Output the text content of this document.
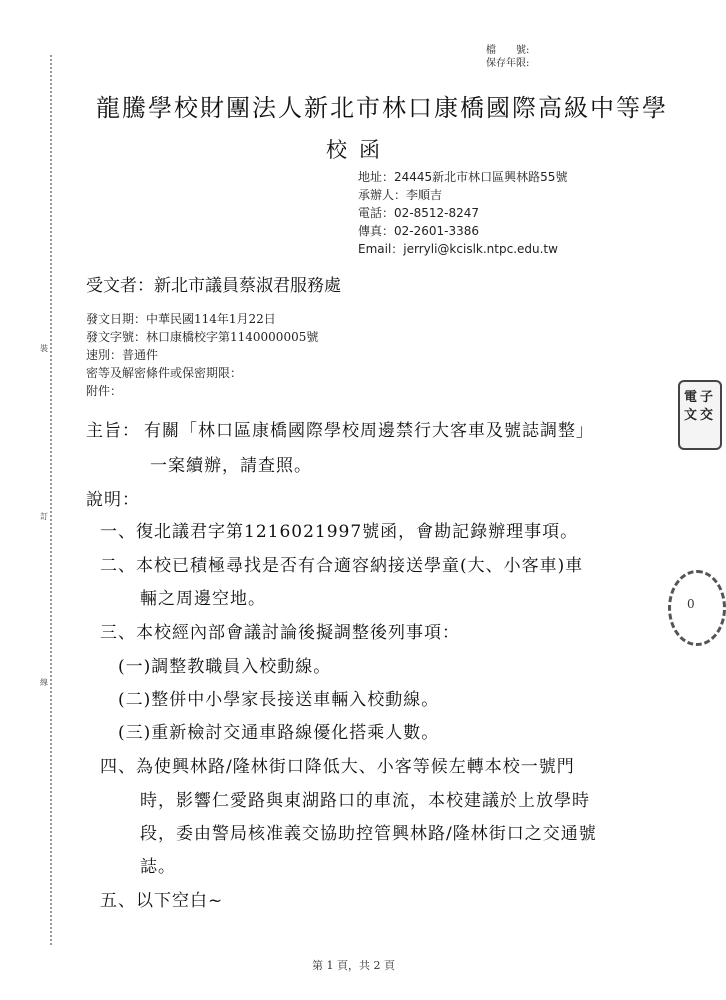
裝
訂
線
檔　　號:
保存年限:
龍騰學校財團法人新北市林口康橋國際高級中等學
校函
地址：24445新北市林口區興林路55號
承辦人：李順吉
電話：02-8512-8247
傳真：02-2601-3386
Email：jerryli@kcislk.ntpc.edu.tw
受文者：新北市議員蔡淑君服務處
發文日期：中華民國114年1月22日
發文字號：林口康橋校字第1140000005號
速別：普通件
密等及解密條件或保密期限：
附件：
主旨： 有關「林口區康橋國際學校周邊禁行大客車及號誌調整」
一案續辦，請查照。
說明：
一、復北議君字第1216021997號函，會勘記錄辦理事項。
二、本校已積極尋找是否有合適容納接送學童(大、小客車)車
輛之周邊空地。
三、本校經內部會議討論後擬調整後列事項：
(一)調整教職員入校動線。
(二)整併中小學家長接送車輛入校動線。
(三)重新檢討交通車路線優化搭乘人數。
四、為使興林路/隆林街口降低大、小客等候左轉本校一號門
時，影響仁愛路與東湖路口的車流，本校建議於上放學時
段，委由警局核准義交協助控管興林路/隆林街口之交通號
誌。
五、以下空白~
電 子
文 交
0
第 1 頁，共 2 頁
